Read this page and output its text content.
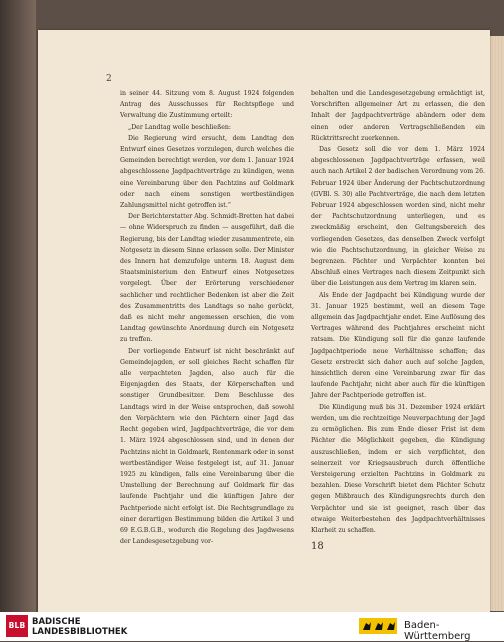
2

in seiner 44. Sitzung vom 8. August 1924 folgenden Antrag des Ausschusses für Rechtspflege und Verwaltung die Zustimmung erteilt:

„Der Landtag wolle beschließen:

Die Regierung wird ersucht, dem Landtag den Entwurf eines Gesetzes vorzulegen, durch welches die Gemeinden berechtigt werden, vor dem 1. Januar 1924 abgeschlossene Jagdpachtverträge zu kündigen, wenn eine Vereinbarung über den Pachtzins auf Goldmark oder nach einem sonstigen wertbeständigen Zahlungsmittel nicht getroffen ist.“

Der Berichterstatter Abg. Schmidt-Bretten hat dabei — ohne Widerspruch zu finden — ausgeführt, daß die Regierung, bis der Landtag wieder zusammentrete, ein Notgesetz in diesem Sinne erlassen solle. Der Minister des Innern hat demzufolge unterm 18. August dem Staatsministerium den Entwurf eines Notgesetzes vorgelegt. Über der Erörterung verschiedener sachlicher und rechtlicher Bedenken ist aber die Zeit des Zusammentritts des Landtags so nahe gerückt, daß es nicht mehr angemessen erschien, die vom Landtag gewünschte Anordnung durch ein Notgesetz zu treffen.

Der vorliegende Entwurf ist nicht beschränkt auf Gemeindejagden, er soll gleiches Recht schaffen für alle verpachteten Jagden, also auch für die Eigenjagden des Staats, der Körperschaften und sonstiger Grundbesitzer. Dem Beschlusse des Landtags wird in der Weise entsprochen, daß sowohl den Verpächtern wie den Pächtern einer Jagd das Recht gegeben wird, Jagdpachtverträge, die vor dem 1. März 1924 abgeschlossen sind, und in denen der Pachtzins nicht in Goldmark, Rentenmark oder in sonst wertbeständiger Weise festgelegt ist, auf 31. Januar 1925 zu kündigen, falls eine Vereinbarung über die Umstellung der Berechnung auf Goldmark für das laufende Pachtjahr und die künftigen Jahre der Pachtperiode nicht erfolgt ist. Die Rechtsgrundlage zu einer derartigen Bestimmung bilden die Artikel 3 und 69 E.G.B.G.B., wodurch die Regelung des Jagdwesens der Landesgesetzgebung vor-

behalten und die Landesgesetzgebung ermächtigt ist, Vorschriften allgemeiner Art zu erlassen, die den Inhalt der Jagdpachtverträge abändern oder dem einen oder anderen Vertragschließenden ein Rücktrittsrecht zuerkennen.

Das Gesetz soll die vor dem 1. März 1924 abgeschlossenen Jagdpachtverträge erfassen, weil auch nach Artikel 2 der badischen Verordnung vom 26. Februar 1924 über Änderung der Pachtschutzordnung (GVBl. S. 30) alle Pachtverträge, die nach dem letzten Februar 1924 abgeschlossen worden sind, nicht mehr der Pachtschutzordnung unterliegen, und es zweckmäßig erscheint, den Geltungsbereich des vorliegenden Gesetzes, das denselben Zweck verfolgt wie die Pachtschutzordnung, in gleicher Weise zu begrenzen. Pächter und Verpächter konnten bei Abschluß eines Vertrages nach diesem Zeitpunkt sich über die Leistungen aus dem Vertrag im klaren sein.

Als Ende der Jagdpacht bei Kündigung wurde der 31. Januar 1925 bestimmt, weil an diesem Tage allgemein das Jagdpachtjahr endet. Eine Auflösung des Vertrages während des Pachtjahres erscheint nicht ratsam. Die Kündigung soll für die ganze laufende Jagdpachtperiode neue Verhältnisse schaffen; das Gesetz erstreckt sich daher auch auf solche Jagden, hinsichtlich deren eine Vereinbarung zwar für das laufende Pachtjahr, nicht aber auch für die künftigen Jahre der Pachtperiode getroffen ist.

Die Kündigung muß bis 31. Dezember 1924 erklärt werden, um die rechtzeitige Neuverpachtung der Jagd zu ermöglichen. Bis zum Ende dieser Frist ist dem Pächter die Möglichkeit gegeben, die Kündigung auszuschließen, indem er sich verpflichtet, den seinerzeit vor Kriegsausbruch durch öffentliche Versteigerung erzielten Pachtzins in Goldmark zu bezahlen. Diese Vorschrift bietet dem Pächter Schutz gegen Mißbrauch des Kündigungsrechts durch den Verpächter und sie ist geeignet, rasch über das etwaige Weiterbestehen des Jagdpachtverhältnisses Klarheit zu schaffen.

18
BLB BADISCHE
LANDESBIBLIOTHEK
Baden-Württemberg
